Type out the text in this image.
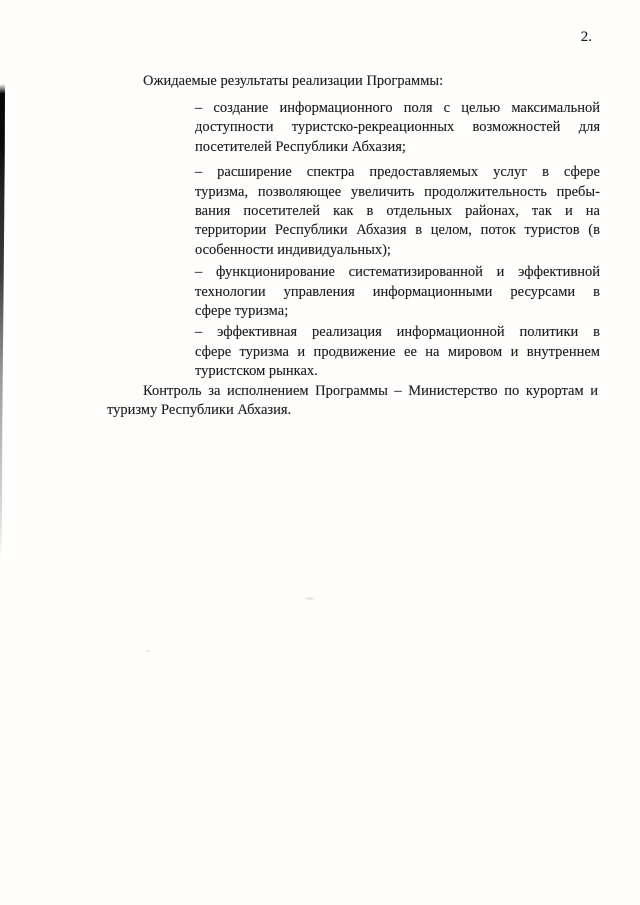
2.
Ожидаемые результаты реализации Программы:
– создание информационного поля с целью максимальной
доступности туристско-рекреационных возможностей для
посетителей Республики Абхазия;
– расширение спектра предоставляемых услуг в сфере
туризма, позволяющее увеличить продолжительность пребы-
вания посетителей как в отдельных районах, так и на
территории Республики Абхазия в целом, поток туристов (в
особенности индивидуальных);
– функционирование систематизированной и эффективной
технологии управления информационными ресурсами в
сфере туризма;
– эффективная реализация информационной политики в
сфере туризма и продвижение ее на мировом и внутреннем
туристском рынках.
Контроль за исполнением Программы – Министерство по курортам и
туризму Республики Абхазия.
